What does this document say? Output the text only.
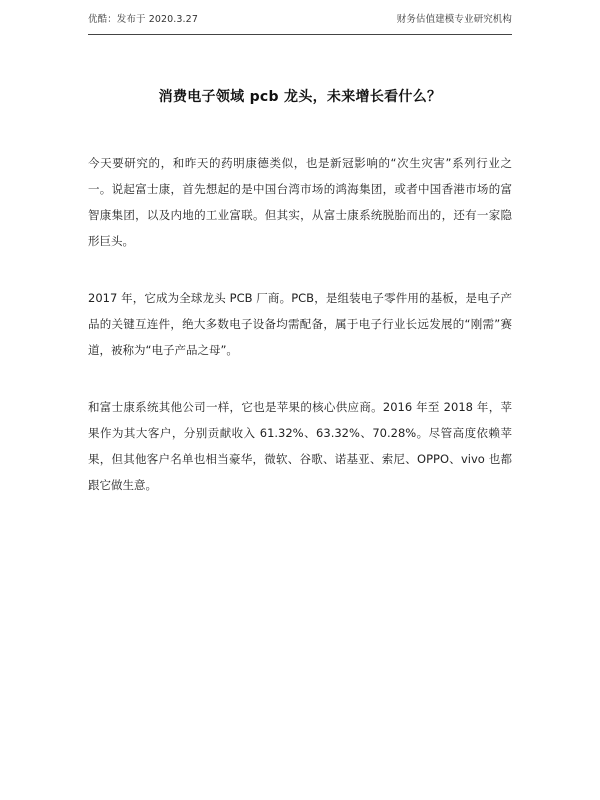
优酷：发布于 2020.3.27	财务估值建模专业研究机构
消费电子领域 pcb 龙头，未来增长看什么？

今天要研究的，和昨天的药明康德类似，也是新冠影响的“次生灾害”系列行业之一。说起富士康，首先想起的是中国台湾市场的鸿海集团，或者中国香港市场的富智康集团，以及内地的工业富联。但其实，从富士康系统脱胎而出的，还有一家隐形巨头。

2017 年，它成为全球龙头 PCB 厂商。PCB，是组装电子零件用的基板，是电子产品的关键互连件，绝大多数电子设备均需配备，属于电子行业长远发展的“刚需”赛道，被称为“电子产品之母”。

和富士康系统其他公司一样，它也是苹果的核心供应商。2016 年至 2018 年，苹果作为其大客户，分别贡献收入 61.32%、63.32%、70.28%。尽管高度依赖苹果，但其他客户名单也相当豪华，微软、谷歌、诺基亚、索尼、OPPO、vivo 也都跟它做生意。
